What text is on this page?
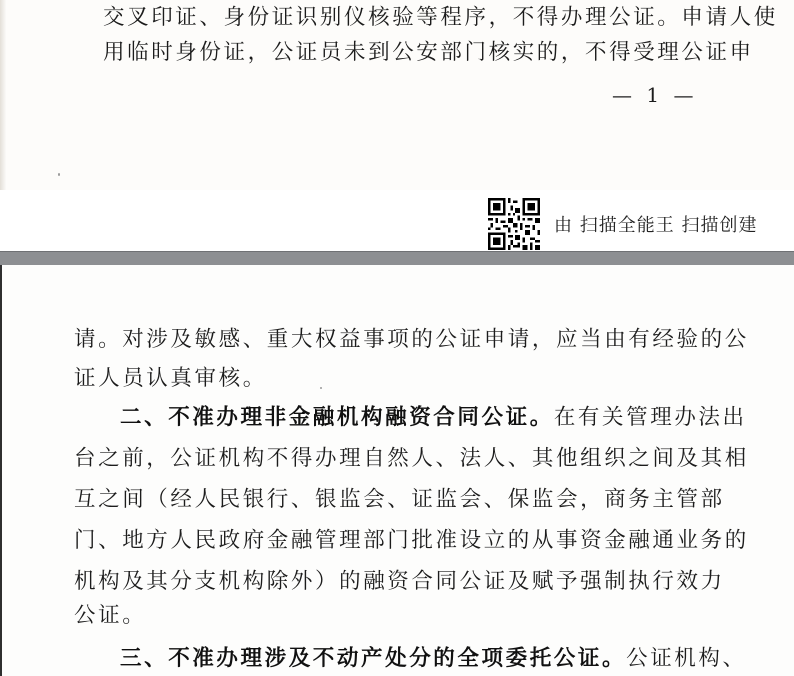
交叉印证、身份证识别仪核验等程序，不得办理公证。申请人使
用临时身份证，公证员未到公安部门核实的，不得受理公证申
— 1 —
由 扫描全能王 扫描创建
请。对涉及敏感、重大权益事项的公证申请，应当由有经验的公
证人员认真审核。
二、不准办理非金融机构融资合同公证。在有关管理办法出
台之前，公证机构不得办理自然人、法人、其他组织之间及其相
互之间（经人民银行、银监会、证监会、保监会，商务主管部
门、地方人民政府金融管理部门批准设立的从事资金融通业务的
机构及其分支机构除外）的融资合同公证及赋予强制执行效力
公证。
三、不准办理涉及不动产处分的全项委托公证。公证机构、
